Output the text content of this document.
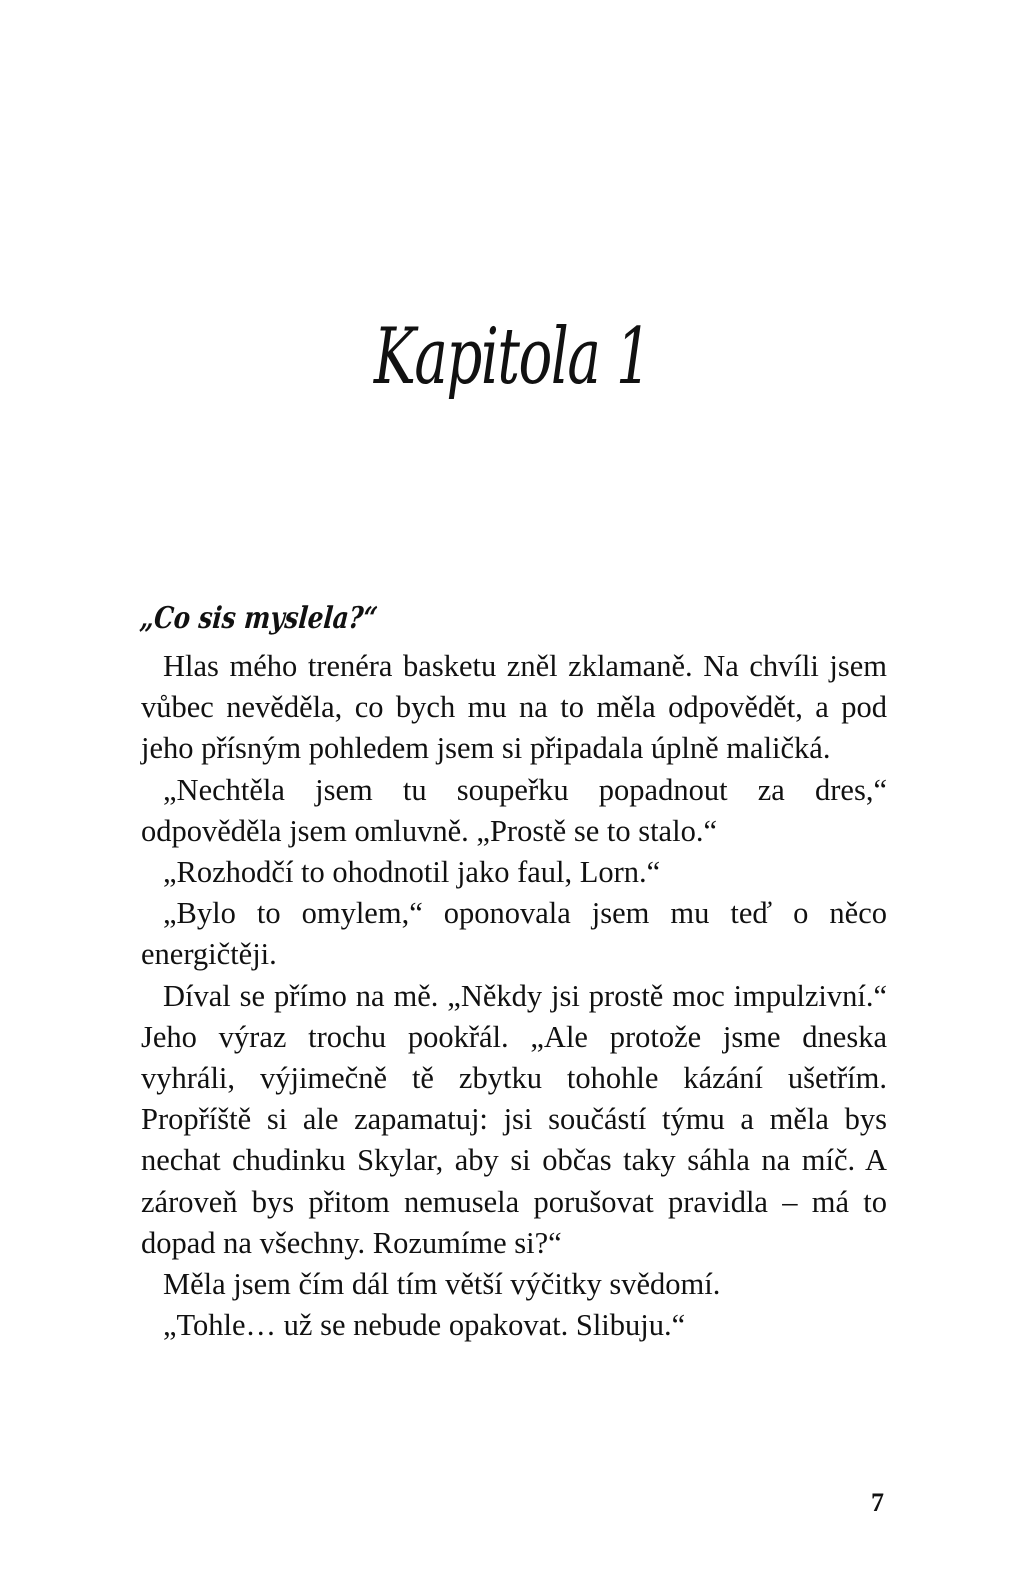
Kapitola 1
„Co sis myslela?“

Hlas mého trenéra basketu zněl zklamaně. Na chvíli jsem vůbec nevěděla, co bych mu na to měla odpovědět, a pod jeho přísným pohledem jsem si připadala úplně maličká.

„Nechtěla jsem tu soupeřku popadnout za dres,“ odpověděla jsem omluvně. „Prostě se to stalo.“

„Rozhodčí to ohodnotil jako faul, Lorn.“

„Bylo to omylem,“ oponovala jsem mu teď o něco energičtěji.

Díval se přímo na mě. „Někdy jsi prostě moc impulzivní.“ Jeho výraz trochu pookřál. „Ale protože jsme dneska vyhráli, výjimečně tě zbytku tohohle kázání ušetřím. Propříště si ale zapamatuj: jsi součástí týmu a měla bys nechat chudinku Skylar, aby si občas taky sáhla na míč. A zároveň bys přitom nemusela porušovat pravidla – má to dopad na všechny. Rozumíme si?“

Měla jsem čím dál tím větší výčitky svědomí.

„Tohle… už se nebude opakovat. Slibuju.“

7
